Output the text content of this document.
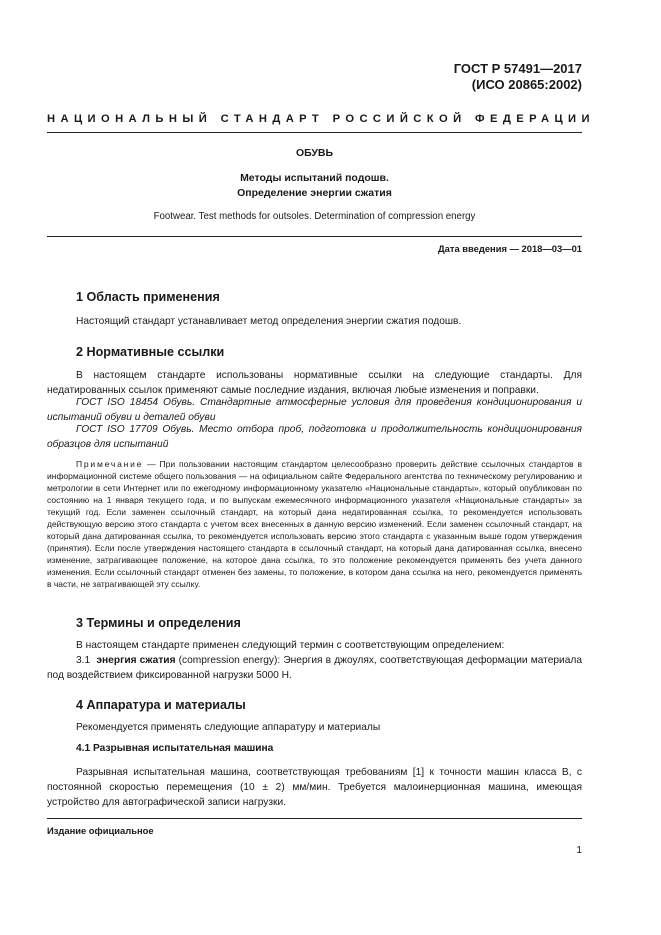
ГОСТ Р 57491—2017
(ИСО 20865:2002)
НАЦИОНАЛЬНЫЙ СТАНДАРТ РОССИЙСКОЙ ФЕДЕРАЦИИ
ОБУВЬ
Методы испытаний подошв.
Определение энергии сжатия
Footwear. Test methods for outsoles. Determination of compression energy
Дата введения — 2018—03—01
1 Область применения
Настоящий стандарт устанавливает метод определения энергии сжатия подошв.
2 Нормативные ссылки
В настоящем стандарте использованы нормативные ссылки на следующие стандарты. Для недатированных ссылок применяют самые последние издания, включая любые изменения и поправки.
ГОСТ ISO 18454 Обувь. Стандартные атмосферные условия для проведения кондиционирования и испытаний обуви и деталей обуви
ГОСТ ISO 17709 Обувь. Место отбора проб, подготовка и продолжительность кондиционирования образцов для испытаний
Примечание — При пользовании настоящим стандартом целесообразно проверить действие ссылочных стандартов в информационной системе общего пользования — на официальном сайте Федерального агентства по техническому регулированию и метрологии в сети Интернет или по ежегодному информационному указателю «Национальные стандарты», который опубликован по состоянию на 1 января текущего года, и по выпускам ежемесячного информационного указателя «Национальные стандарты» за текущий год. Если заменен ссылочный стандарт, на который дана недатированная ссылка, то рекомендуется использовать действующую версию этого стандарта с учетом всех внесенных в данную версию изменений. Если заменен ссылочный стандарт, на который дана датированная ссылка, то рекомендуется использовать версию этого стандарта с указанным выше годом утверждения (принятия). Если после утверждения настоящего стандарта в ссылочный стандарт, на который дана датированная ссылка, внесено изменение, затрагивающее положение, на которое дана ссылка, то это положение рекомендуется применять без учета данного изменения. Если ссылочный стандарт отменен без замены, то положение, в котором дана ссылка на него, рекомендуется применять в части, не затрагивающей эту ссылку.
3 Термины и определения
В настоящем стандарте применен следующий термин с соответствующим определением:
3.1 энергия сжатия (compression energy): Энергия в джоулях, соответствующая деформации материала под воздействием фиксированной нагрузки 5000 Н.
4 Аппаратура и материалы
Рекомендуется применять следующие аппаратуру и материалы
4.1 Разрывная испытательная машина
Разрывная испытательная машина, соответствующая требованиям [1] к точности машин класса B, с постоянной скоростью перемещения (10 ± 2) мм/мин. Требуется малоинерционная машина, имеющая устройство для автографической записи нагрузки.
Издание официальное
1
